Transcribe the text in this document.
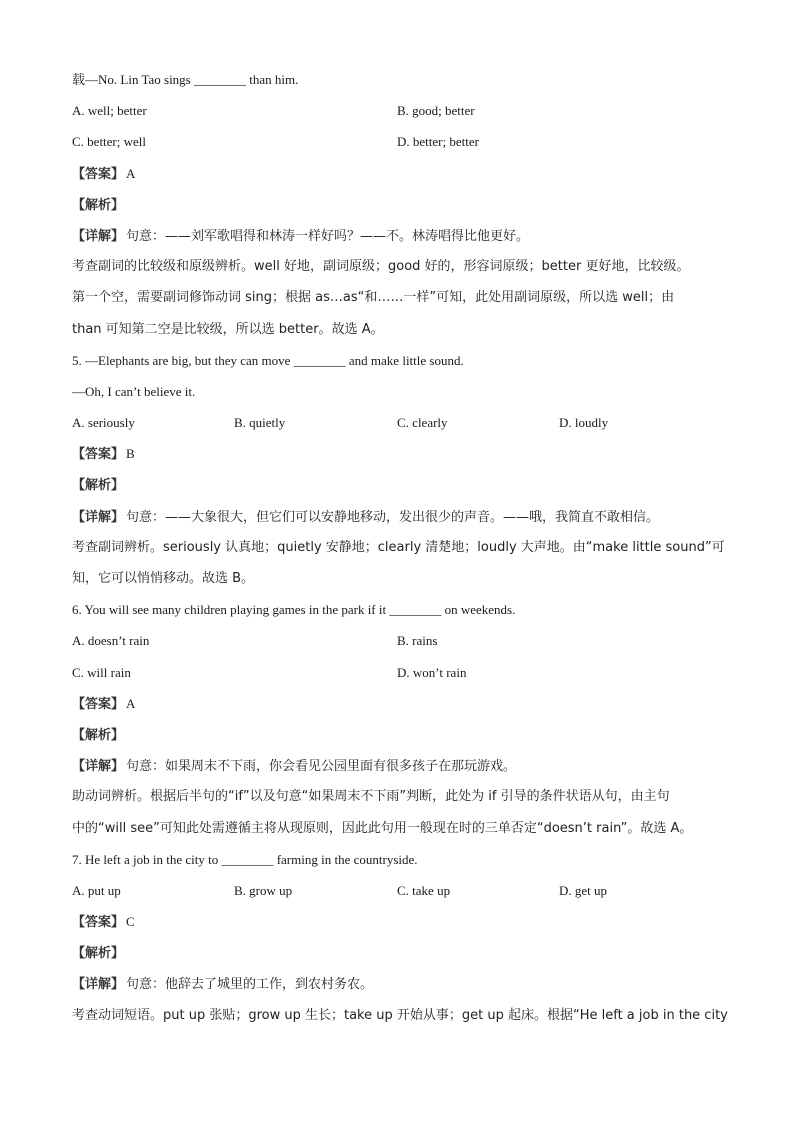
载—No. Lin Tao sings ________ than him.
A. well; better	B. good; better
C. better; well	D. better; better
【答案】 A
【解析】
【详解】 句意：——刘军歌唱得和林涛一样好吗？——不。林涛唱得比他更好。
考查副词的比较级和原级辨析。well 好地，副词原级；good 好的，形容词原级；better 更好地，比较级。
第一个空，需要副词修饰动词 sing；根据 as…as“和……一样”可知，此处用副词原级，所以选 well；由
than 可知第二空是比较级，所以选 better。故选 A。
5. —Elephants are big, but they can move ________ and make little sound.
—Oh, I can’t believe it.
A. seriously	B. quietly	C. clearly	D. loudly
【答案】 B
【解析】
【详解】 句意：——大象很大，但它们可以安静地移动，发出很少的声音。——哦，我简直不敢相信。
考查副词辨析。seriously 认真地；quietly 安静地；clearly 清楚地；loudly 大声地。由“make little sound”可
知，它可以悄悄移动。故选 B。
6. You will see many children playing games in the park if it ________ on weekends.
A. doesn’t rain	B. rains
C. will rain	D. won’t rain
【答案】 A
【解析】
【详解】 句意：如果周末不下雨，你会看见公园里面有很多孩子在那玩游戏。
助动词辨析。根据后半句的“if”以及句意“如果周末不下雨”判断，此处为 if 引导的条件状语从句，由主句
中的“will see”可知此处需遵循主将从现原则，因此此句用一般现在时的三单否定“doesn’t rain”。故选 A。
7. He left a job in the city to ________ farming in the countryside.
A. put up	B. grow up	C. take up	D. get up
【答案】 C
【解析】
【详解】 句意：他辞去了城里的工作，到农村务农。
考查动词短语。put up 张贴；grow up 生长；take up 开始从事；get up 起床。根据“He left a job in the city
